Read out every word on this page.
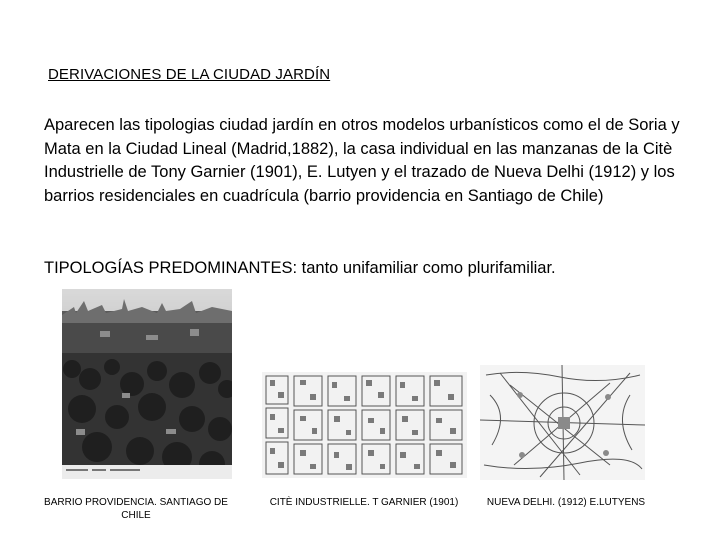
DERIVACIONES DE LA CIUDAD JARDÍN
Aparecen las tipologias ciudad jardín en otros modelos urbanísticos como el de Soria y Mata en la Ciudad Lineal (Madrid,1882), la casa individual en las manzanas de la Citè Industrielle de Tony Garnier (1901), E. Lutyen y el trazado de Nueva Delhi (1912) y los barrios residenciales en cuadrícula (barrio providencia en Santiago de Chile)
TIPOLOGÍAS PREDOMINANTES: tanto unifamiliar como plurifamiliar.
BARRIO PROVIDENCIA. SANTIAGO DE CHILE
CITÈ INDUSTRIELLE. T GARNIER (1901)	NUEVA DELHI. (1912) E.LUTYENS
